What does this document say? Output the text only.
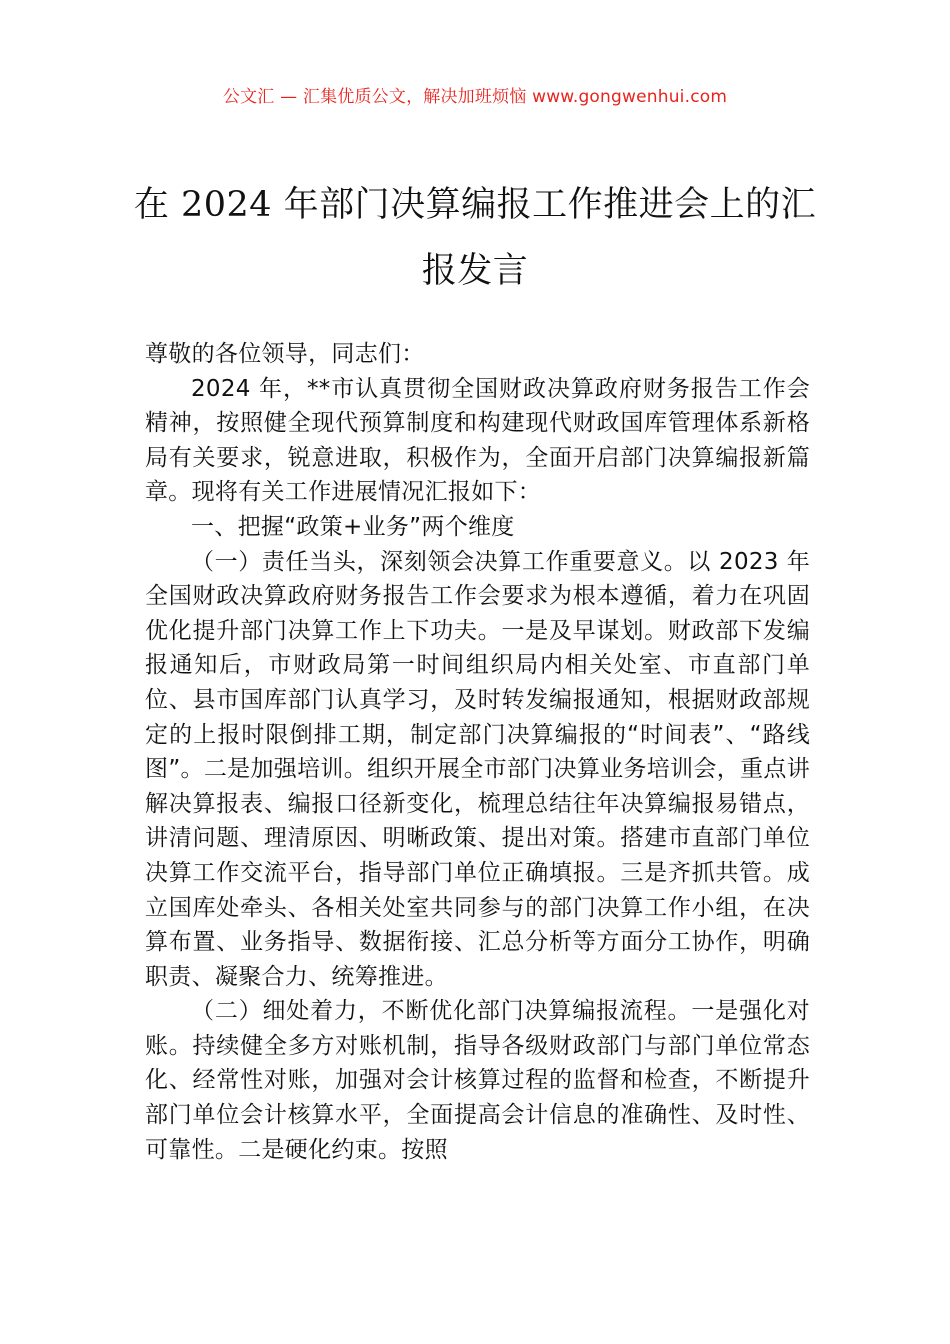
公文汇 — 汇集优质公文，解决加班烦恼 www.gongwenhui.com
在 2024 年部门决算编报工作推进会上的汇报发言

尊敬的各位领导，同志们：

2024 年，**市认真贯彻全国财政决算政府财务报告工作会精神，按照健全现代预算制度和构建现代财政国库管理体系新格局有关要求，锐意进取，积极作为，全面开启部门决算编报新篇章。现将有关工作进展情况汇报如下：

一、把握“政策+业务”两个维度

（一）责任当头，深刻领会决算工作重要意义。以 2023 年全国财政决算政府财务报告工作会要求为根本遵循，着力在巩固优化提升部门决算工作上下功夫。一是及早谋划。财政部下发编报通知后，市财政局第一时间组织局内相关处室、市直部门单位、县市国库部门认真学习，及时转发编报通知，根据财政部规定的上报时限倒排工期，制定部门决算编报的“时间表”、“路线图”。二是加强培训。组织开展全市部门决算业务培训会，重点讲解决算报表、编报口径新变化，梳理总结往年决算编报易错点，讲清问题、理清原因、明晰政策、提出对策。搭建市直部门单位决算工作交流平台，指导部门单位正确填报。三是齐抓共管。成立国库处牵头、各相关处室共同参与的部门决算工作小组，在决算布置、业务指导、数据衔接、汇总分析等方面分工协作，明确职责、凝聚合力、统筹推进。

（二）细处着力，不断优化部门决算编报流程。一是强化对账。持续健全多方对账机制，指导各级财政部门与部门单位常态化、经常性对账，加强对会计核算过程的监督和检查，不断提升部门单位会计核算水平，全面提高会计信息的准确性、及时性、可靠性。二是硬化约束。按照
